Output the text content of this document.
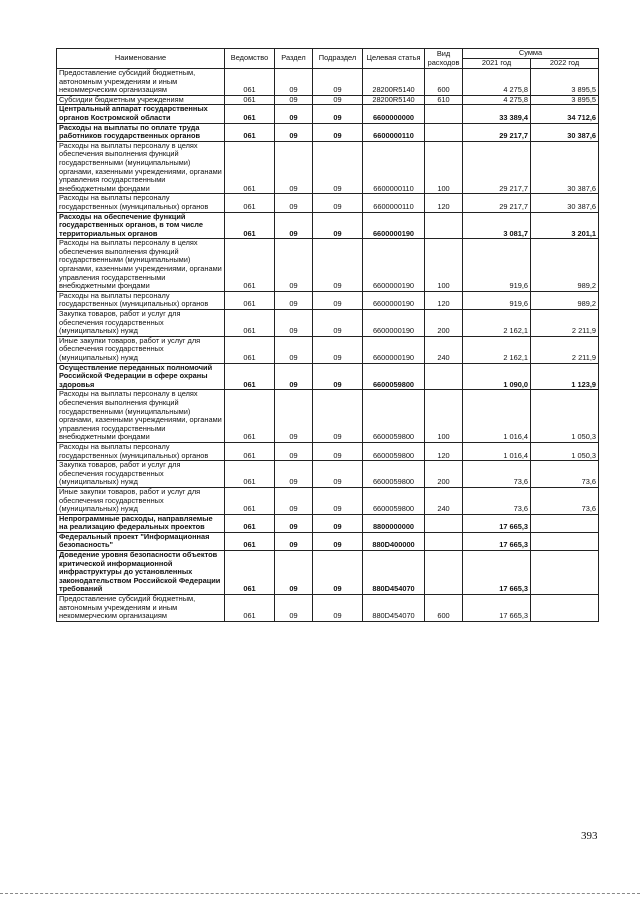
Наименование	Ведомство	Раздел	Подраздел	Целевая статья	Вид расходов	Сумма	
						2021 год	2022 год
Предоставление субсидий бюджетным, автономным учреждениям и иным некоммерческим организациям	061	09	09	28200R5140	600	4 275,8	3 895,5
Субсидии бюджетным учреждениям	061	09	09	28200R5140	610	4 275,8	3 895,5
Центральный аппарат государственных органов Костромской области	061	09	09	6600000000		33 389,4	34 712,6
Расходы на выплаты по оплате труда работников государственных органов	061	09	09	6600000110		29 217,7	30 387,6
Расходы на выплаты персоналу в целях обеспечения выполнения функций государственными (муниципальными) органами, казенными учреждениями, органами управления государственными внебюджетными фондами	061	09	09	6600000110	100	29 217,7	30 387,6
Расходы на выплаты персоналу государственных (муниципальных) органов	061	09	09	6600000110	120	29 217,7	30 387,6
Расходы на обеспечение функций государственных органов, в том числе территориальных органов	061	09	09	6600000190		3 081,7	3 201,1
Расходы на выплаты персоналу в целях обеспечения выполнения функций государственными (муниципальными) органами, казенными учреждениями, органами управления государственными внебюджетными фондами	061	09	09	6600000190	100	919,6	989,2
Расходы на выплаты персоналу государственных (муниципальных) органов	061	09	09	6600000190	120	919,6	989,2
Закупка товаров, работ и услуг для обеспечения государственных (муниципальных) нужд	061	09	09	6600000190	200	2 162,1	2 211,9
Иные закупки товаров, работ и услуг для обеспечения государственных (муниципальных) нужд	061	09	09	6600000190	240	2 162,1	2 211,9
Осуществление переданных полномочий Российской Федерации в сфере охраны здоровья	061	09	09	6600059800		1 090,0	1 123,9
Расходы на выплаты персоналу в целях обеспечения выполнения функций государственными (муниципальными) органами, казенными учреждениями, органами управления государственными внебюджетными фондами	061	09	09	6600059800	100	1 016,4	1 050,3
Расходы на выплаты персоналу государственных (муниципальных) органов	061	09	09	6600059800	120	1 016,4	1 050,3
Закупка товаров, работ и услуг для обеспечения государственных (муниципальных) нужд	061	09	09	6600059800	200	73,6	73,6
Иные закупки товаров, работ и услуг для обеспечения государственных (муниципальных) нужд	061	09	09	6600059800	240	73,6	73,6
Непрограммные расходы, направляемые на реализацию федеральных проектов	061	09	09	8800000000		17 665,3	
Федеральный проект "Информационная безопасность"	061	09	09	880D400000		17 665,3	
Доведение уровня безопасности объектов критической информационной инфраструктуры до установленных законодательством Российской Федерации требований	061	09	09	880D454070		17 665,3	
Предоставление субсидий бюджетным, автономным учреждениям и иным некоммерческим организациям	061	09	09	880D454070	600	17 665,3	
393
